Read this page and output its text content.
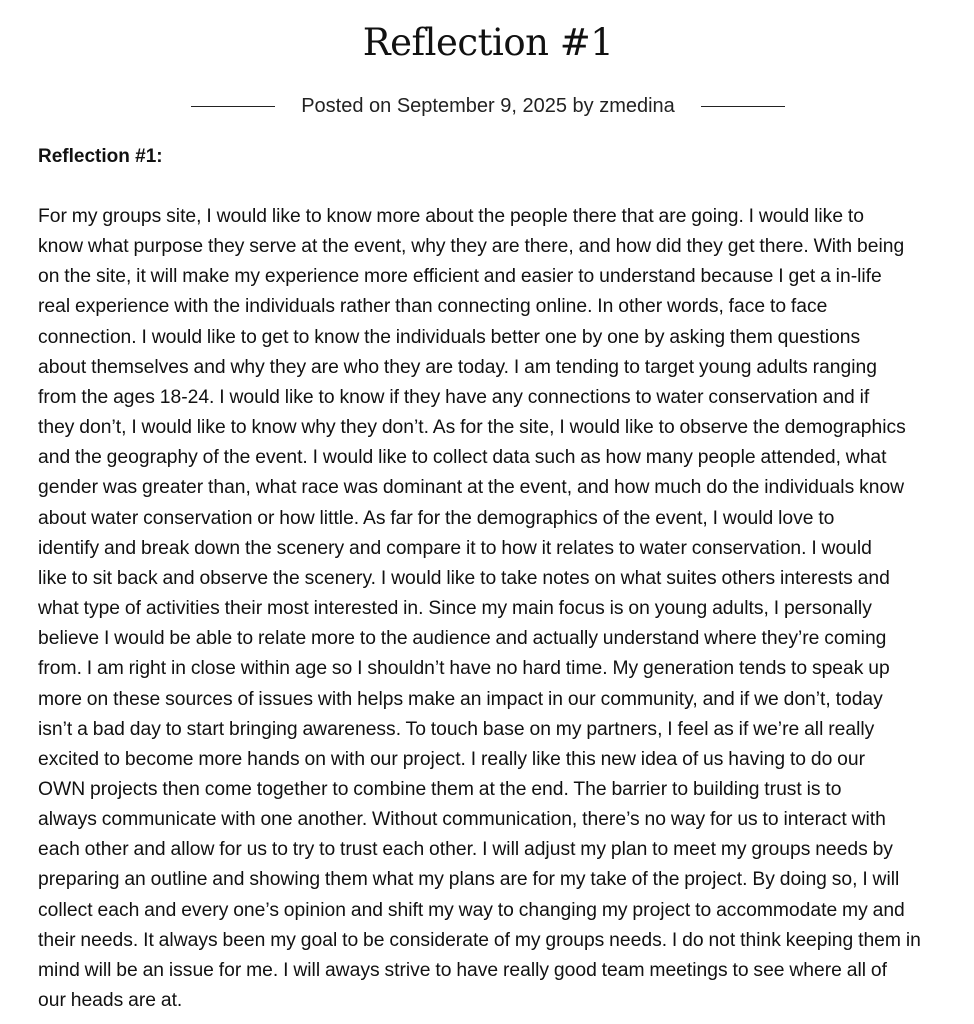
Reflection #1
Posted on September 9, 2025 by zmedina

Reflection #1:

For my groups site, I would like to know more about the people there that are going. I would like to
know what purpose they serve at the event, why they are there, and how did they get there. With being
on the site, it will make my experience more efficient and easier to understand because I get a in-life
real experience with the individuals rather than connecting online. In other words, face to face
connection. I would like to get to know the individuals better one by one by asking them questions
about themselves and why they are who they are today. I am tending to target young adults ranging
from the ages 18-24. I would like to know if they have any connections to water conservation and if
they don’t, I would like to know why they don’t. As for the site, I would like to observe the demographics
and the geography of the event. I would like to collect data such as how many people attended, what
gender was greater than, what race was dominant at the event, and how much do the individuals know
about water conservation or how little. As far for the demographics of the event, I would love to
identify and break down the scenery and compare it to how it relates to water conservation. I would
like to sit back and observe the scenery. I would like to take notes on what suites others interests and
what type of activities their most interested in. Since my main focus is on young adults, I personally
believe I would be able to relate more to the audience and actually understand where they’re coming
from. I am right in close within age so I shouldn’t have no hard time. My generation tends to speak up
more on these sources of issues with helps make an impact in our community, and if we don’t, today
isn’t a bad day to start bringing awareness. To touch base on my partners, I feel as if we’re all really
excited to become more hands on with our project. I really like this new idea of us having to do our
OWN projects then come together to combine them at the end. The barrier to building trust is to
always communicate with one another. Without communication, there’s no way for us to interact with
each other and allow for us to try to trust each other. I will adjust my plan to meet my groups needs by
preparing an outline and showing them what my plans are for my take of the project. By doing so, I will
collect each and every one’s opinion and shift my way to changing my project to accommodate my and
their needs. It always been my goal to be considerate of my groups needs. I do not think keeping them in
mind will be an issue for me. I will aways strive to have really good team meetings to see where all of
our heads are at.
